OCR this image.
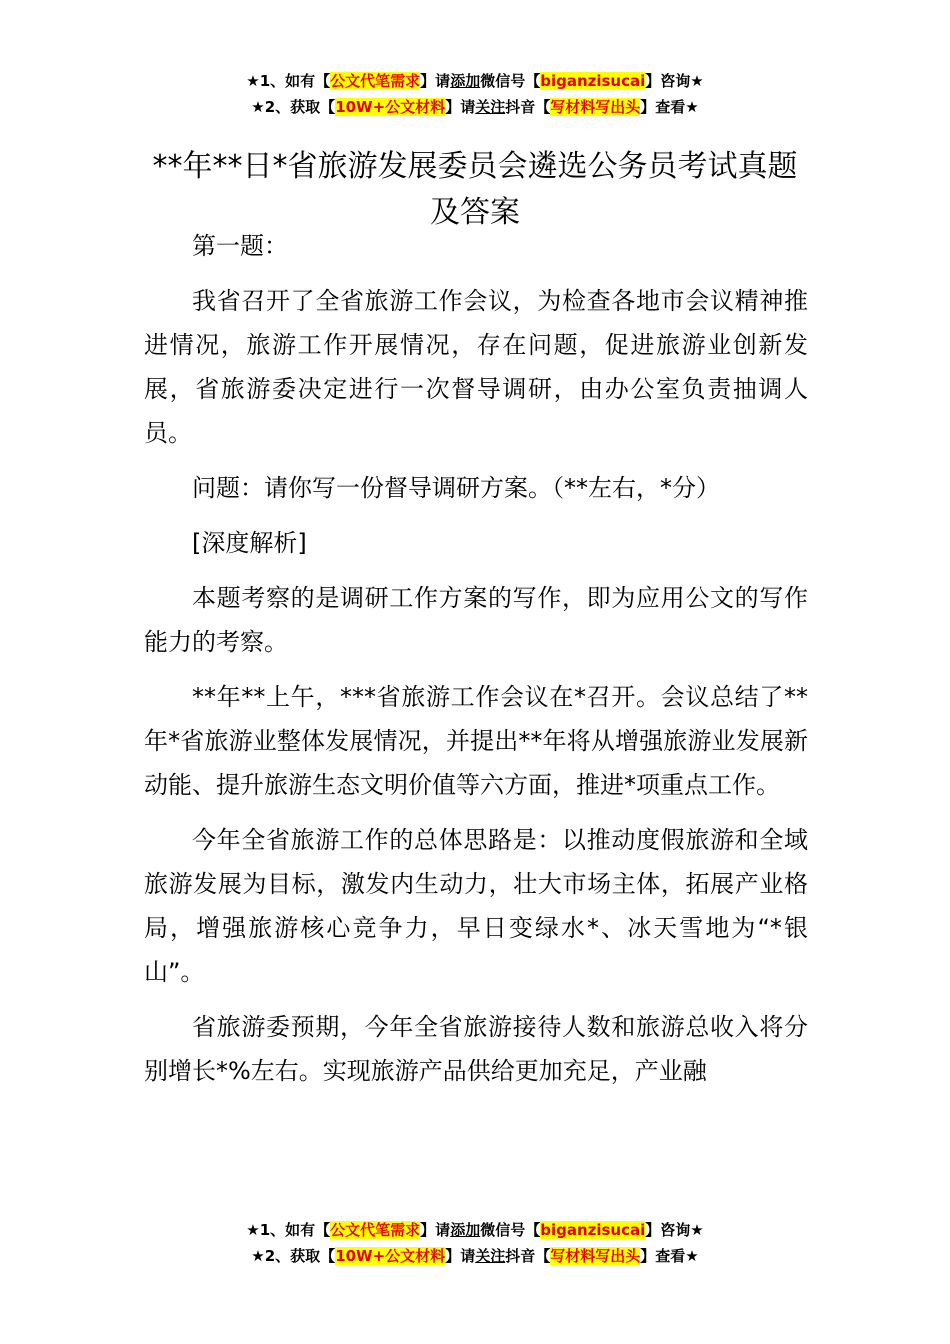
★1、如有【公文代笔需求】请添加微信号【biganzisucai】咨询★
★2、获取【10W+公文材料】请关注抖音【写材料写出头】查看★
**年**日*省旅游发展委员会遴选公务员考试真题及答案

第一题：

我省召开了全省旅游工作会议，为检查各地市会议精神推进情况，旅游工作开展情况，存在问题，促进旅游业创新发展，省旅游委决定进行一次督导调研，由办公室负责抽调人员。

问题：请你写一份督导调研方案。（**左右，*分）

[深度解析]

本题考察的是调研工作方案的写作，即为应用公文的写作能力的考察。

**年**上午，***省旅游工作会议在*召开。会议总结了**年*省旅游业整体发展情况，并提出**年将从增强旅游业发展新动能、提升旅游生态文明价值等六方面，推进*项重点工作。

今年全省旅游工作的总体思路是：以推动度假旅游和全域旅游发展为目标，激发内生动力，壮大市场主体，拓展产业格局，增强旅游核心竞争力，早日变绿水*、冰天雪地为“*银山”。

省旅游委预期，今年全省旅游接待人数和旅游总收入将分别增长*%左右。实现旅游产品供给更加充足，产业融

★1、如有【公文代笔需求】请添加微信号【biganzisucai】咨询★
★2、获取【10W+公文材料】请关注抖音【写材料写出头】查看★
